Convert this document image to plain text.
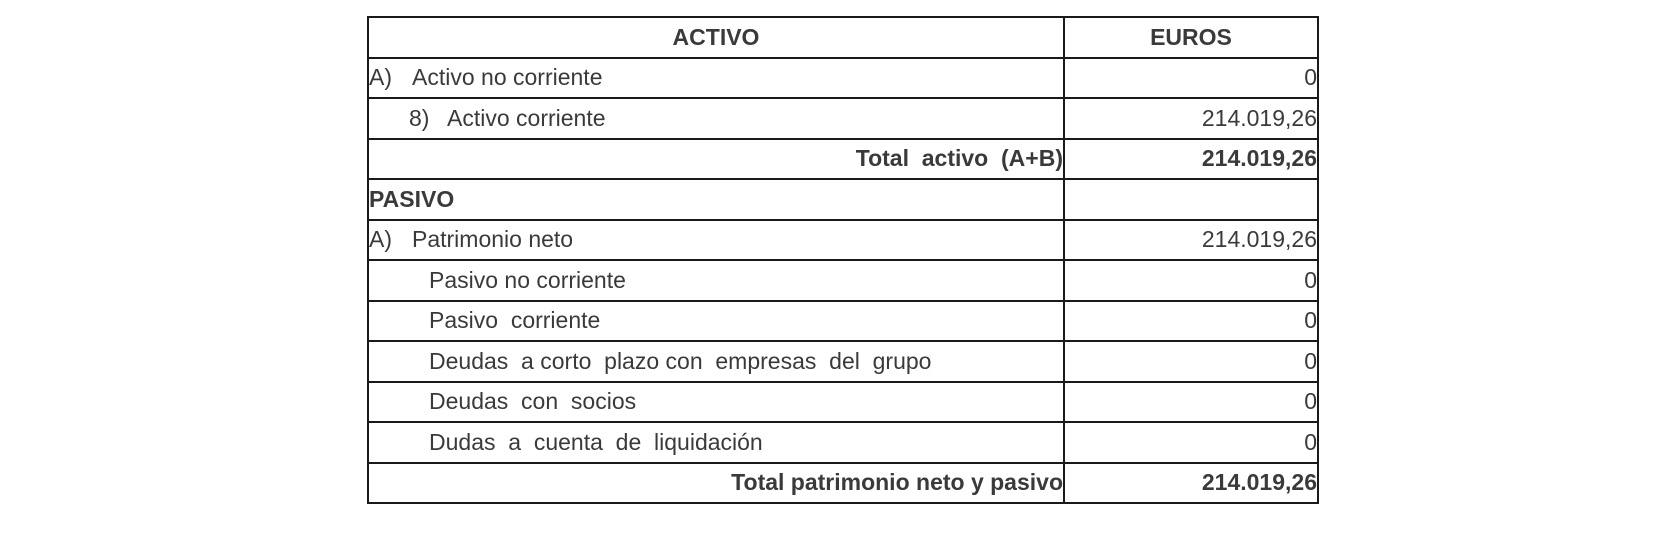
ACTIVO	EUROS
A) Activo no corriente	0
8) Activo corriente	214.019,26
Total  activo  (A+B)	214.019,26
PASIVO	
A) Patrimonio neto	214.019,26
Pasivo no corriente	0
Pasivo  corriente	0
Deudas  a corto  plazo con  empresas  del  grupo	0
Deudas  con  socios	0
Dudas  a  cuenta  de  liquidación	0
Total patrimonio neto y pasivo	214.019,26
